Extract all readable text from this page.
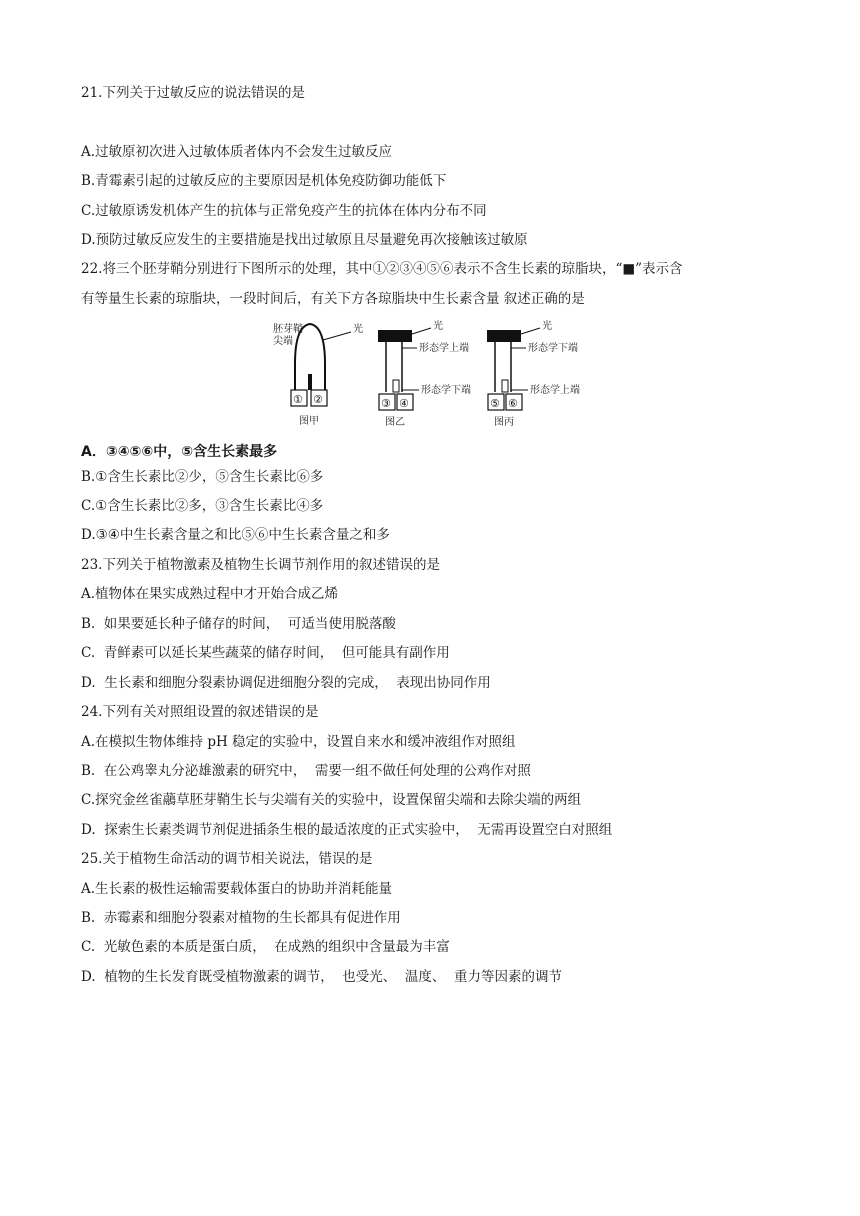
21.下列关于过敏反应的说法错误的是
A.过敏原初次进入过敏体质者体内不会发生过敏反应
B.青霉素引起的过敏反应的主要原因是机体免疫防御功能低下
C.过敏原诱发机体产生的抗体与正常免疫产生的抗体在体内分布不同
D.预防过敏反应发生的主要措施是找出过敏原且尽量避免再次接触该过敏原
22.将三个胚芽鞘分别进行下图所示的处理，其中①②③④⑤⑥表示不含生长素的琼脂块，“■”表示含
有等量生长素的琼脂块，一段时间后，有关下方各琼脂块中生长素含量 叙述正确的是
胚芽鞘
尖端
光
① ②
图甲
光
形态学上端
形态学下端
③ ④
图乙
光
形态学下端
形态学上端
⑤ ⑥
图丙
A．③④⑤⑥中，⑤含生长素最多
B.①含生长素比②少，⑤含生长素比⑥多
C.①含生长素比②多，③含生长素比④多
D.③④中生长素含量之和比⑤⑥中生长素含量之和多
23.下列关于植物激素及植物生长调节剂作用的叙述错误的是
A.植物体在果实成熟过程中才开始合成乙烯
B.  如果要延长种子储存的时间，  可适当使用脱落酸
C.  青鲜素可以延长某些蔬菜的储存时间，  但可能具有副作用
D.  生长素和细胞分裂素协调促进细胞分裂的完成，  表现出协同作用
24.下列有关对照组设置的叙述错误的是
A.在模拟生物体维持 pH 稳定的实验中，设置自来水和缓冲液组作对照组
B.  在公鸡睾丸分泌雄激素的研究中，  需要一组不做任何处理的公鸡作对照
C.探究金丝雀虉草胚芽鞘生长与尖端有关的实验中，设置保留尖端和去除尖端的两组
D.  探索生长素类调节剂促进插条生根的最适浓度的正式实验中，  无需再设置空白对照组
25.关于植物生命活动的调节相关说法，错误的是
A.生长素的极性运输需要载体蛋白的协助并消耗能量
B.  赤霉素和细胞分裂素对植物的生长都具有促进作用
C.  光敏色素的本质是蛋白质，  在成熟的组织中含量最为丰富
D.  植物的生长发育既受植物激素的调节，  也受光、  温度、  重力等因素的调节
